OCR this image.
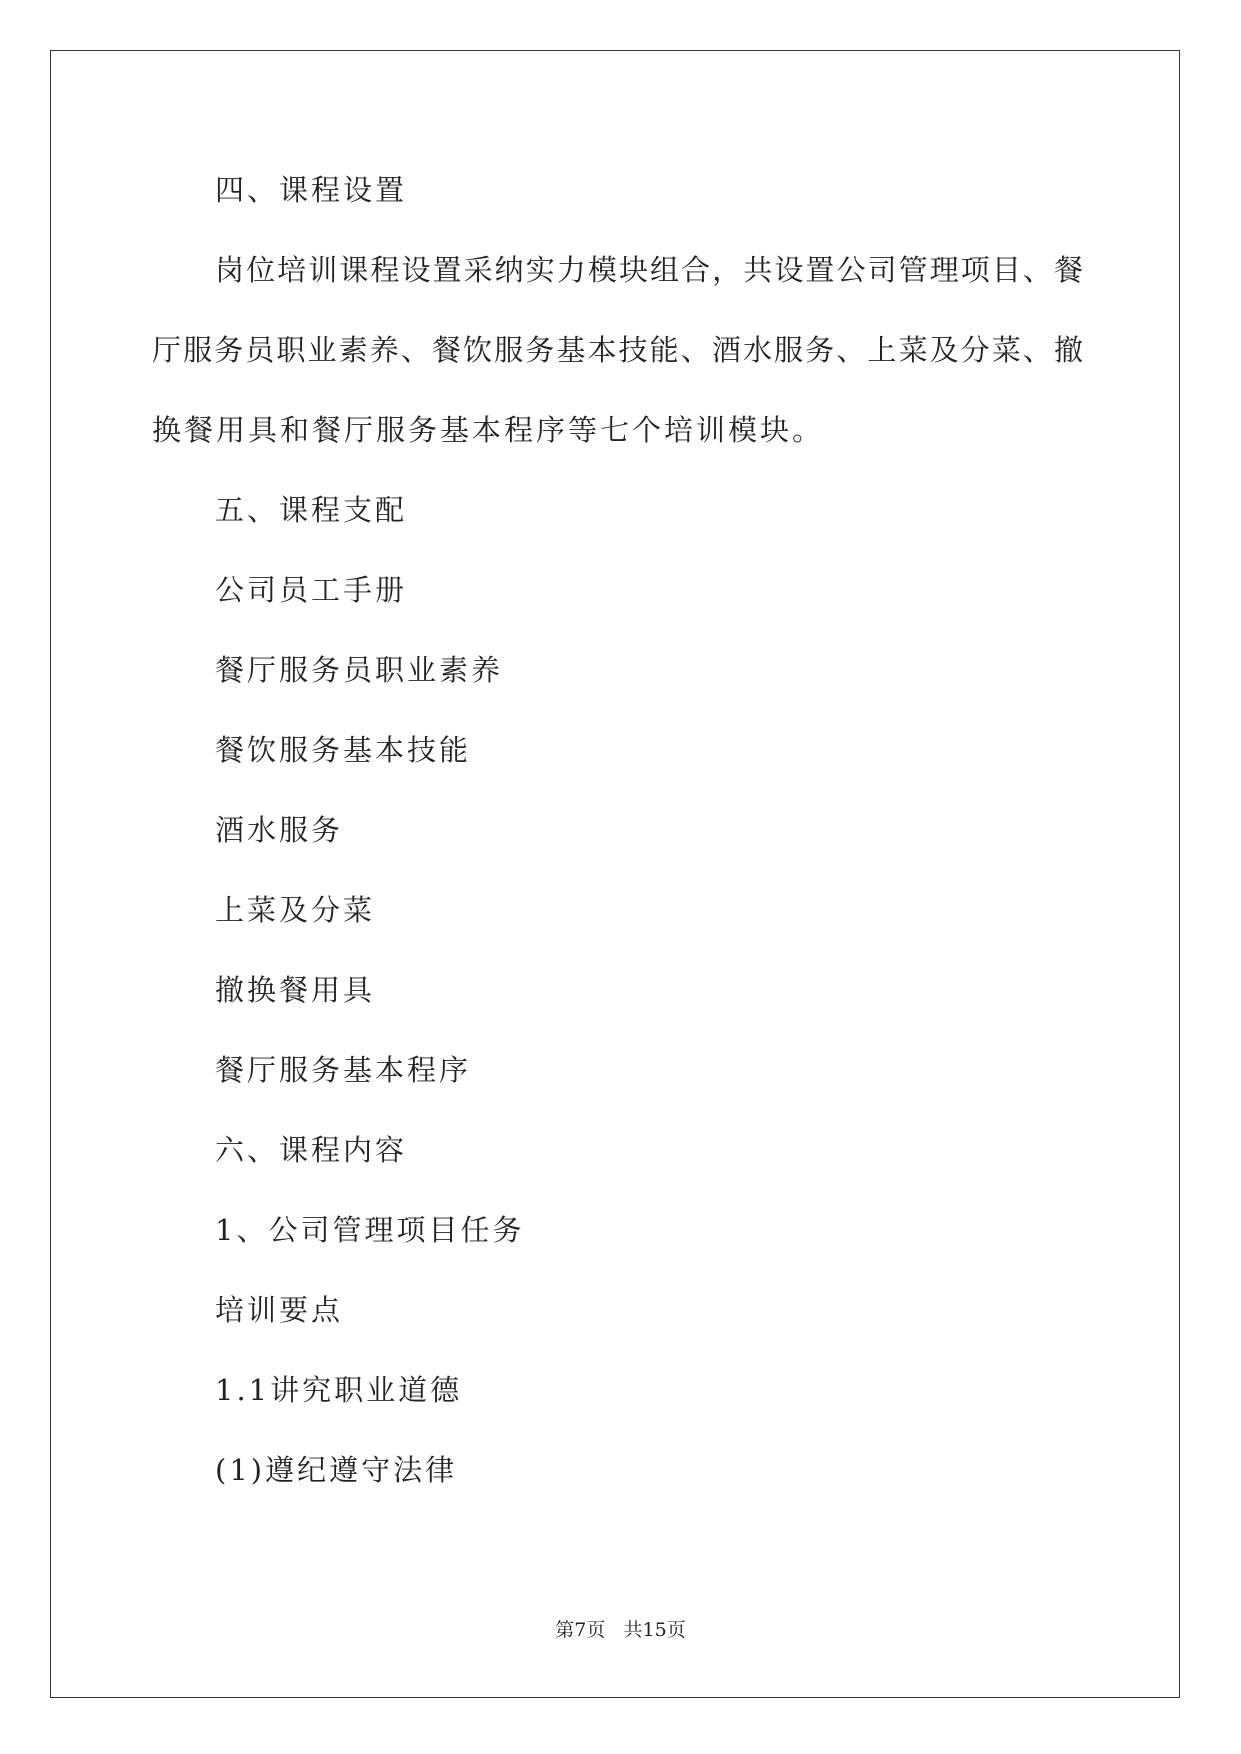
四、课程设置
岗位培训课程设置采纳实力模块组合，共设置公司管理项目、餐
厅服务员职业素养、餐饮服务基本技能、酒水服务、上菜及分菜、撤
换餐用具和餐厅服务基本程序等七个培训模块。
五、课程支配
公司员工手册
餐厅服务员职业素养
餐饮服务基本技能
酒水服务
上菜及分菜
撤换餐用具
餐厅服务基本程序
六、课程内容
1、公司管理项目任务
培训要点
1.1讲究职业道德
(1)遵纪遵守法律
第7页 共15页
